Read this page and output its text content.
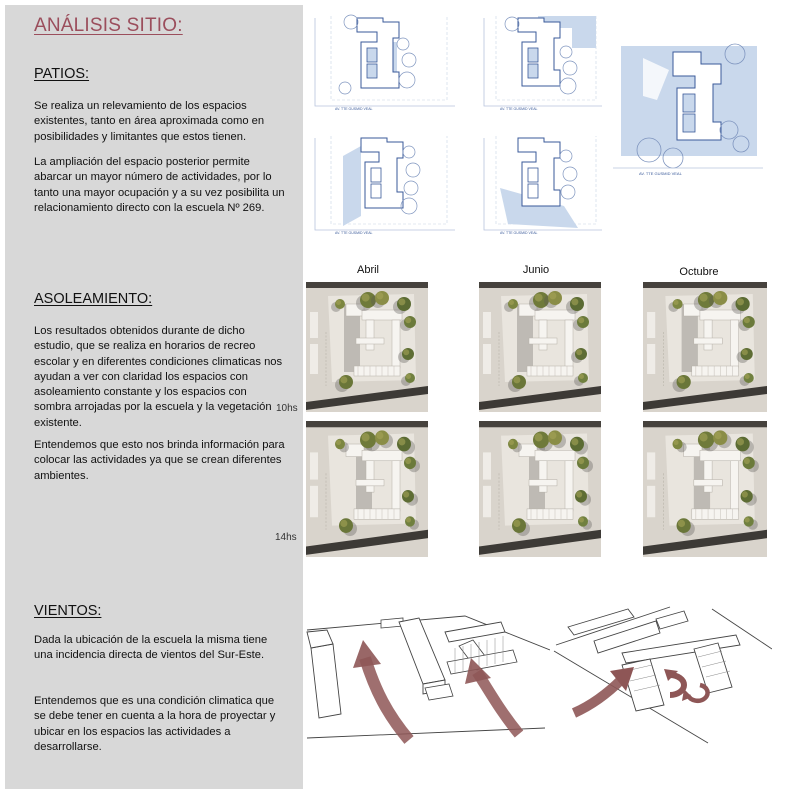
ANÁLISIS SITIO:
PATIOS:

Se realiza un relevamiento de los espacios existentes, tanto en área aproximada como en posibilidades y limitantes que estos tienen.

La ampliación del espacio posterior permite abarcar un mayor número de actividades, por lo tanto una mayor ocupación y a su vez posibilita un relacionamiento directo con la escuela Nº 269.

ASOLEAMIENTO:

Los resultados obtenidos durante de dicho estudio, que se realiza en horarios de recreo escolar y en diferentes condiciones climaticas nos ayudan a ver con claridad los espacios con asoleamiento constante y los espacios con sombra arrojadas por la escuela y la vegetación existente.

Entendemos que esto nos brinda información para colocar las actividades ya que se crean diferentes ambientes.

VIENTOS:

Dada la ubicación de la escuela la misma tiene una incidencia directa de vientos del Sur-Este.

Entendemos que es una condición climatica que se debe tener en cuenta a la hora de proyectar y ubicar en los espacios las actividades a desarrollarse.

AV. TTE GUSMID VEAL	AV. TTE GUSMID VEAL
AV. TTE GUSMID VEAL
AV. TTE GUSMID VEAL	AV. TTE GUSMID VEAL

Abril	Junio	Octubre

10hs

14hs
